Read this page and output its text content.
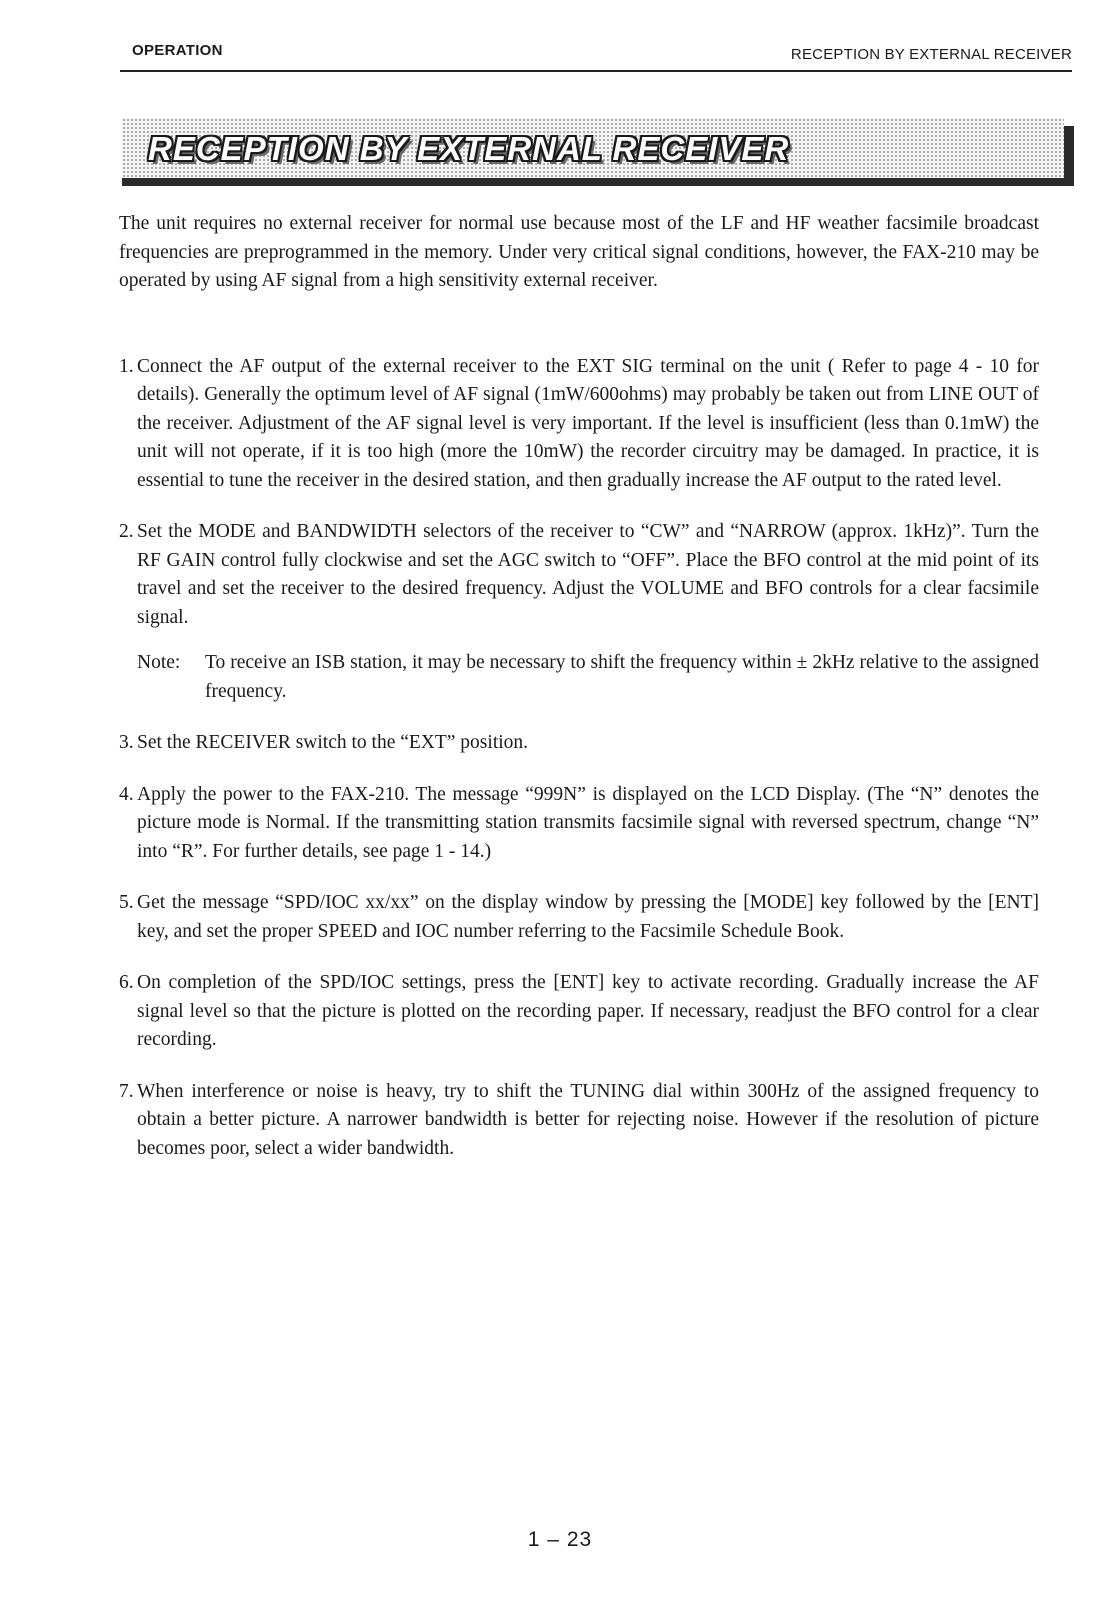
OPERATION	RECEPTION BY EXTERNAL RECEIVER
RECEPTION BY EXTERNAL RECEIVER

The unit requires no external receiver for normal use because most of the LF and HF weather facsimile broadcast frequencies are preprogrammed in the memory. Under very critical signal conditions, however, the FAX-210 may be operated by using AF signal from a high sensitivity external receiver.

1. Connect the AF output of the external receiver to the EXT SIG terminal on the unit ( Refer to page 4 - 10 for details). Generally the optimum level of AF signal (1mW/600ohms) may probably be taken out from LINE OUT of the receiver. Adjustment of the AF signal level is very important. If the level is insufficient (less than 0.1mW) the unit will not operate, if it is too high (more the 10mW) the recorder circuitry may be damaged. In practice, it is essential to tune the receiver in the desired station, and then gradually increase the AF output to the rated level.
2. Set the MODE and BANDWIDTH selectors of the receiver to “CW” and “NARROW (approx. 1kHz)”. Turn the RF GAIN control fully clockwise and set the AGC switch to “OFF”. Place the BFO control at the mid point of its travel and set the receiver to the desired frequency. Adjust the VOLUME and BFO controls for a clear facsimile signal.
Note:	To receive an ISB station, it may be necessary to shift the frequency within ± 2kHz relative to the assigned frequency.
3. Set the RECEIVER switch to the “EXT” position.
4. Apply the power to the FAX-210. The message “999N” is displayed on the LCD Display. (The “N” denotes the picture mode is Normal. If the transmitting station transmits facsimile signal with reversed spectrum, change “N” into “R”. For further details, see page 1 - 14.)
5. Get the message “SPD/IOC xx/xx” on the display window by pressing the [MODE] key followed by the [ENT] key, and set the proper SPEED and IOC number referring to the Facsimile Schedule Book.
6. On completion of the SPD/IOC settings, press the [ENT] key to activate recording. Gradually increase the AF signal level so that the picture is plotted on the recording paper. If necessary, readjust the BFO control for a clear recording.
7. When interference or noise is heavy, try to shift the TUNING dial within 300Hz of the assigned frequency to obtain a better picture. A narrower bandwidth is better for rejecting noise. However if the resolution of picture becomes poor, select a wider bandwidth.
1 – 23
